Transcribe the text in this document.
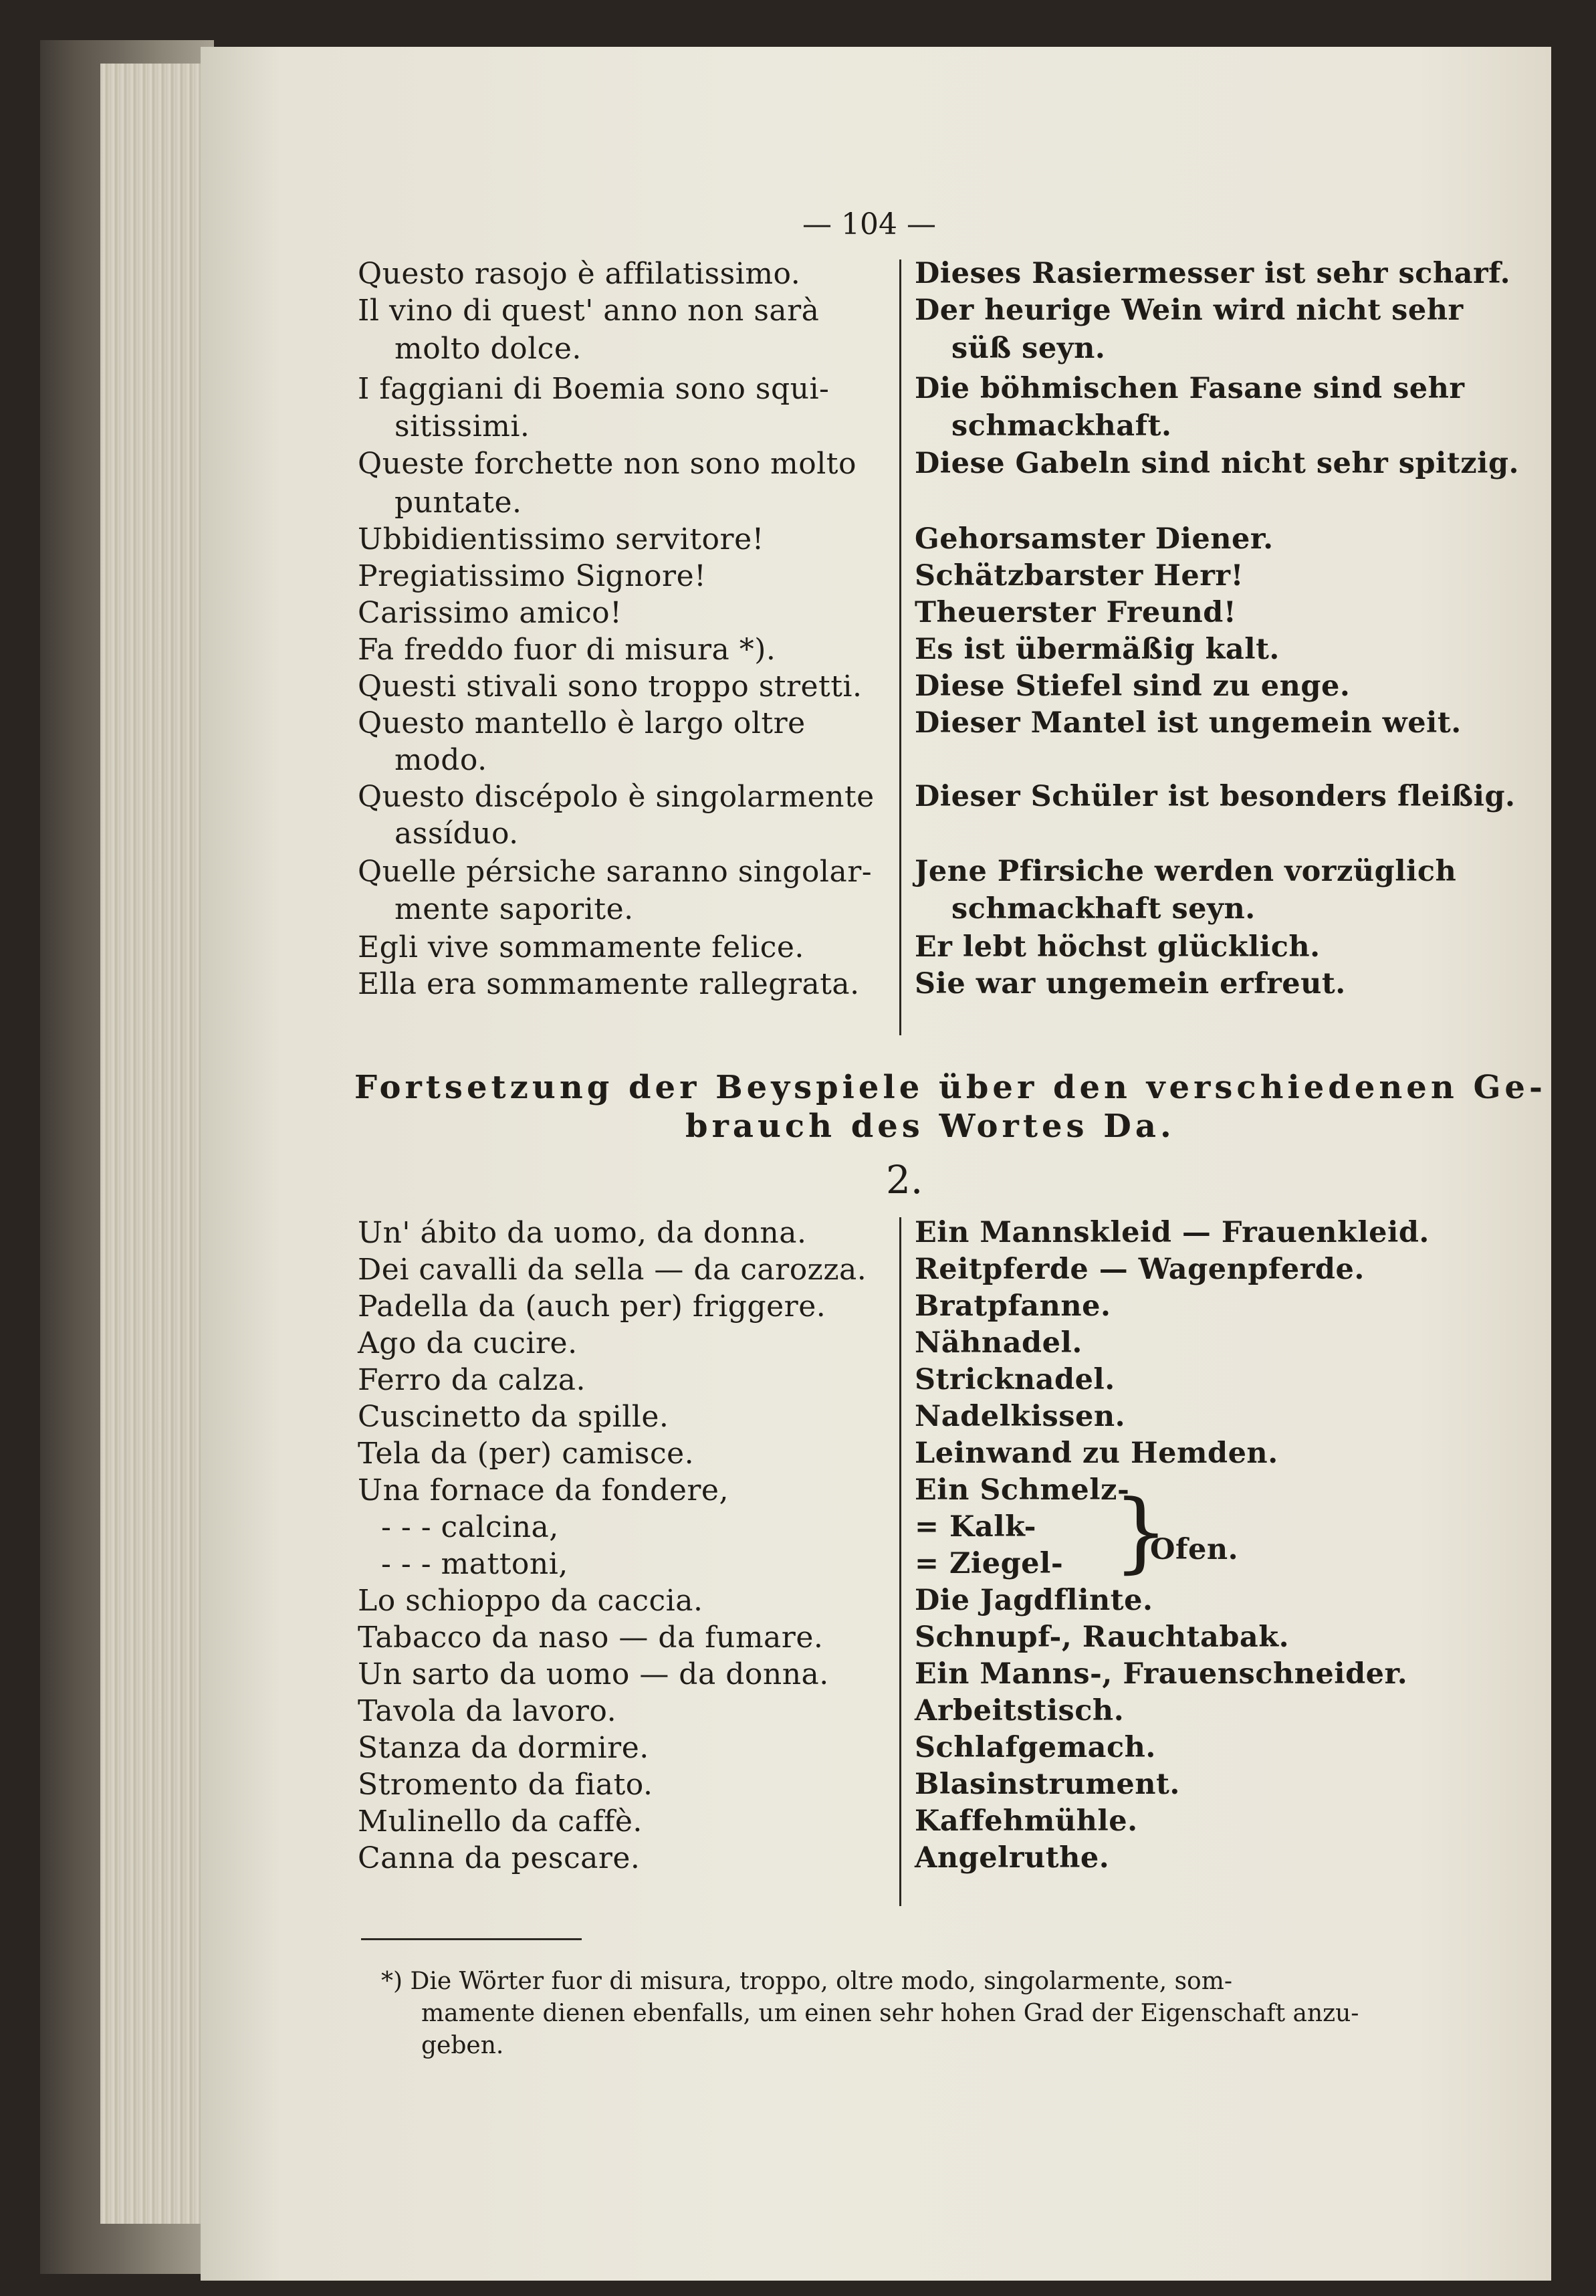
— 104 —
Questo rasojo è affilatissimo.
Il vino di quest' anno non sarà
molto dolce.
I faggiani di Boemia sono squi-
sitissimi.
Queste forchette non sono molto
puntate.
Ubbidientissimo servitore!
Pregiatissimo Signore!
Carissimo amico!
Fa freddo fuor di misura *).
Questi stivali sono troppo stretti.
Questo mantello è largo oltre
modo.
Questo discépolo è singolarmente
assíduo.
Quelle pérsiche saranno singolar-
mente saporite.
Egli vive sommamente felice.
Ella era sommamente rallegrata.
Dieses Rasiermesser ist sehr scharf.
Der heurige Wein wird nicht sehr
süß seyn.
Die böhmischen Fasane sind sehr
schmackhaft.
Diese Gabeln sind nicht sehr spitzig.
Gehorsamster Diener.
Schätzbarster Herr!
Theuerster Freund!
Es ist übermäßig kalt.
Diese Stiefel sind zu enge.
Dieser Mantel ist ungemein weit.
Dieser Schüler ist besonders fleißig.
Jene Pfirsiche werden vorzüglich
schmackhaft seyn.
Er lebt höchst glücklich.
Sie war ungemein erfreut.
Fortsetzung der Beyspiele über den verschiedenen Ge-
brauch des Wortes Da.
2.
Un' ábito da uomo, da donna.
Dei cavalli da sella — da carozza.
Padella da (auch per) friggere.
Ago da cucire.
Ferro da calza.
Cuscinetto da spille.
Tela da (per) camisce.
Una fornace da fondere,
- - - calcina,
- - - mattoni,
Lo schioppo da caccia.
Tabacco da naso — da fumare.
Un sarto da uomo — da donna.
Tavola da lavoro.
Stanza da dormire.
Stromento da fiato.
Mulinello da caffè.
Canna da pescare.
Ein Mannskleid — Frauenkleid.
Reitpferde — Wagenpferde.
Bratpfanne.
Nähnadel.
Stricknadel.
Nadelkissen.
Leinwand zu Hemden.
Ein Schmelz-
= Kalk-
= Ziegel-
Die Jagdflinte.
Schnupf-, Rauchtabak.
Ein Manns-, Frauenschneider.
Arbeitstisch.
Schlafgemach.
Blasinstrument.
Kaffehmühle.
Angelruthe.
}
Ofen.
*) Die Wörter fuor di misura, troppo, oltre modo, singolarmente, som-
mamente dienen ebenfalls, um einen sehr hohen Grad der Eigenschaft anzu-
geben.
